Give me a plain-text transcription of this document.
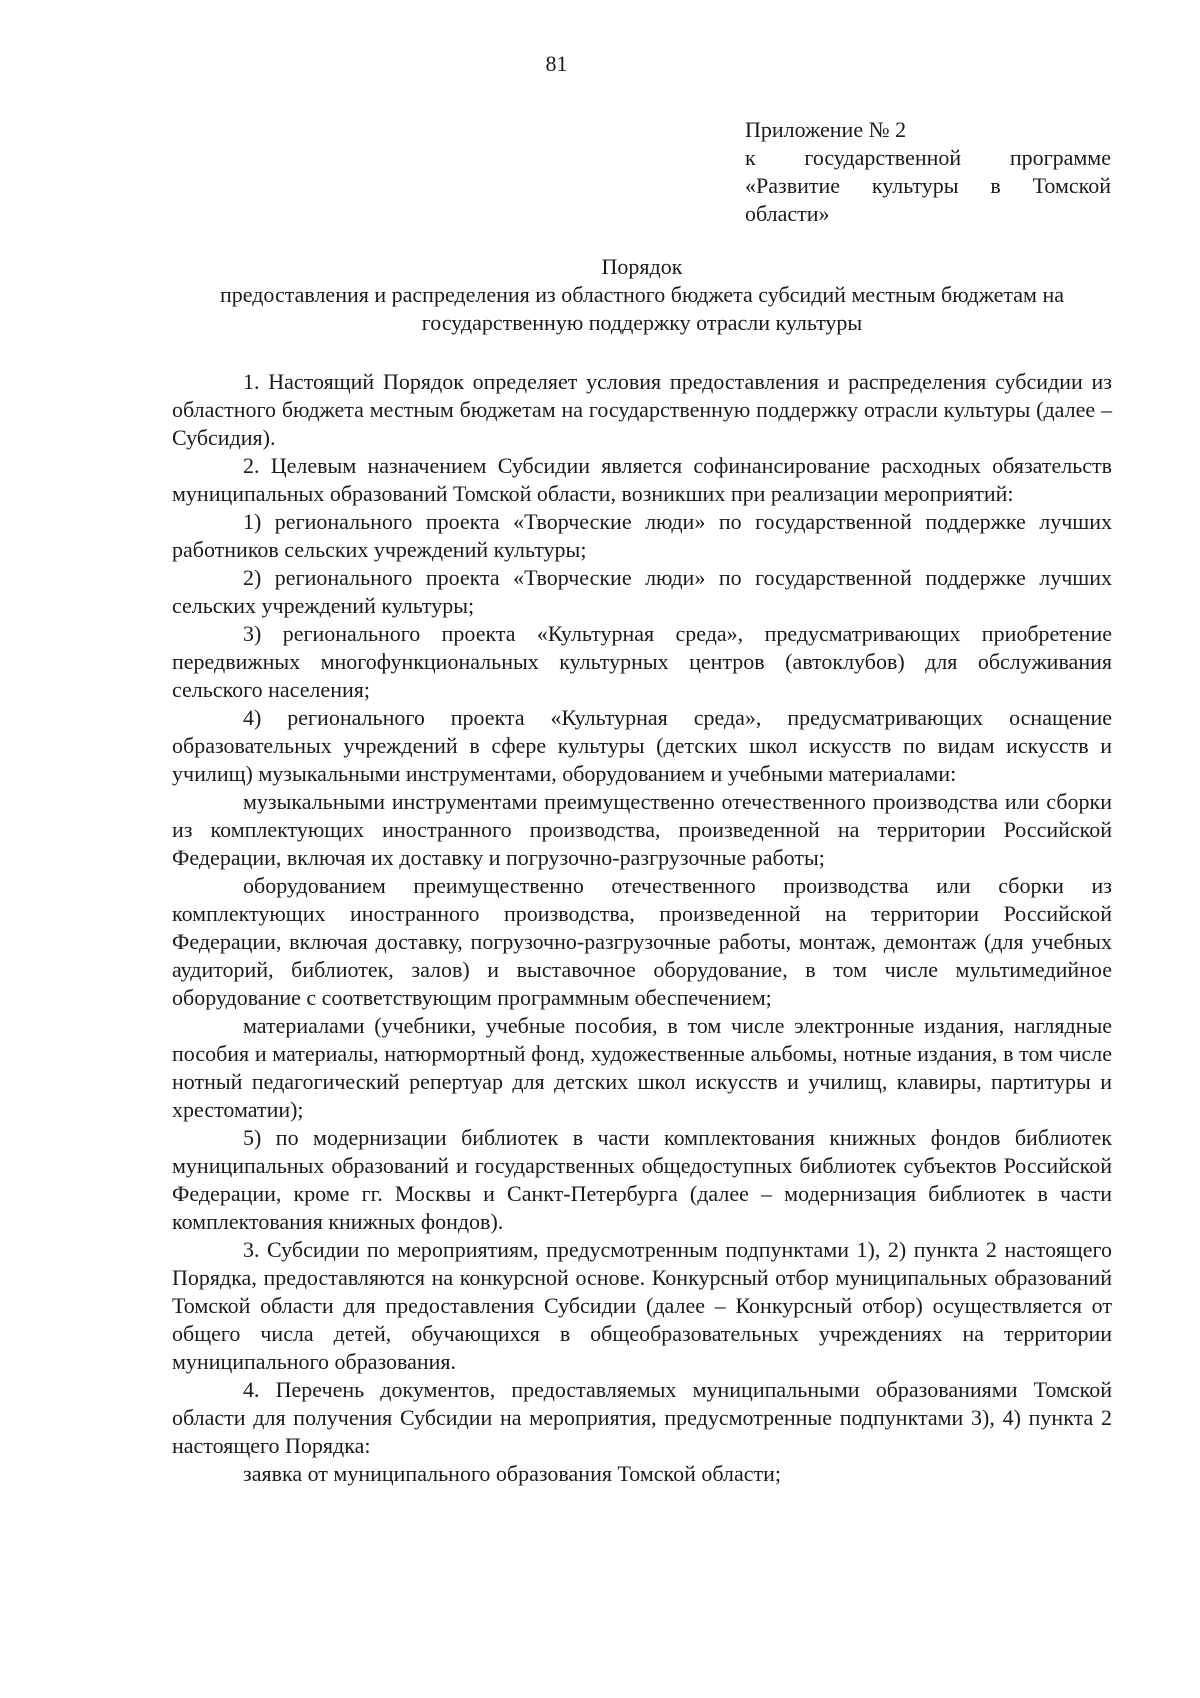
81
Приложение № 2
к государственной программе «Развитие культуры в Томской области»
Порядок
предоставления и распределения из областного бюджета субсидий местным бюджетам на государственную поддержку отрасли культуры

1. Настоящий Порядок определяет условия предоставления и распределения субсидии из областного бюджета местным бюджетам на государственную поддержку отрасли культуры (далее – Субсидия).

2. Целевым назначением Субсидии является софинансирование расходных обязательств муниципальных образований Томской области, возникших при реализации мероприятий:

1) регионального проекта «Творческие люди» по государственной поддержке лучших работников сельских учреждений культуры;

2) регионального проекта «Творческие люди» по государственной поддержке лучших сельских учреждений культуры;

3) регионального проекта «Культурная среда», предусматривающих приобретение передвижных многофункциональных культурных центров (автоклубов) для обслуживания сельского населения;

4) регионального проекта «Культурная среда», предусматривающих оснащение образовательных учреждений в сфере культуры (детских школ искусств по видам искусств и училищ) музыкальными инструментами, оборудованием и учебными материалами:

музыкальными инструментами преимущественно отечественного производства или сборки из комплектующих иностранного производства, произведенной на территории Российской Федерации, включая их доставку и погрузочно-разгрузочные работы;

оборудованием преимущественно отечественного производства или сборки из комплектующих иностранного производства, произведенной на территории Российской Федерации, включая доставку, погрузочно-разгрузочные работы, монтаж, демонтаж (для учебных аудиторий, библиотек, залов) и выставочное оборудование, в том числе мультимедийное оборудование с соответствующим программным обеспечением;

материалами (учебники, учебные пособия, в том числе электронные издания, наглядные пособия и материалы, натюрмортный фонд, художественные альбомы, нотные издания, в том числе нотный педагогический репертуар для детских школ искусств и училищ, клавиры, партитуры и хрестоматии);

5) по модернизации библиотек в части комплектования книжных фондов библиотек муниципальных образований и государственных общедоступных библиотек субъектов Российской Федерации, кроме гг. Москвы и Санкт-Петербурга (далее – модернизация библиотек в части комплектования книжных фондов).

3. Субсидии по мероприятиям, предусмотренным подпунктами 1), 2) пункта 2 настоящего Порядка, предоставляются на конкурсной основе. Конкурсный отбор муниципальных образований Томской области для предоставления Субсидии (далее – Конкурсный отбор) осуществляется от общего числа детей, обучающихся в общеобразовательных учреждениях на территории муниципального образования.

4. Перечень документов, предоставляемых муниципальными образованиями Томской области для получения Субсидии на мероприятия, предусмотренные подпунктами 3), 4) пункта 2 настоящего Порядка:

заявка от муниципального образования Томской области;
